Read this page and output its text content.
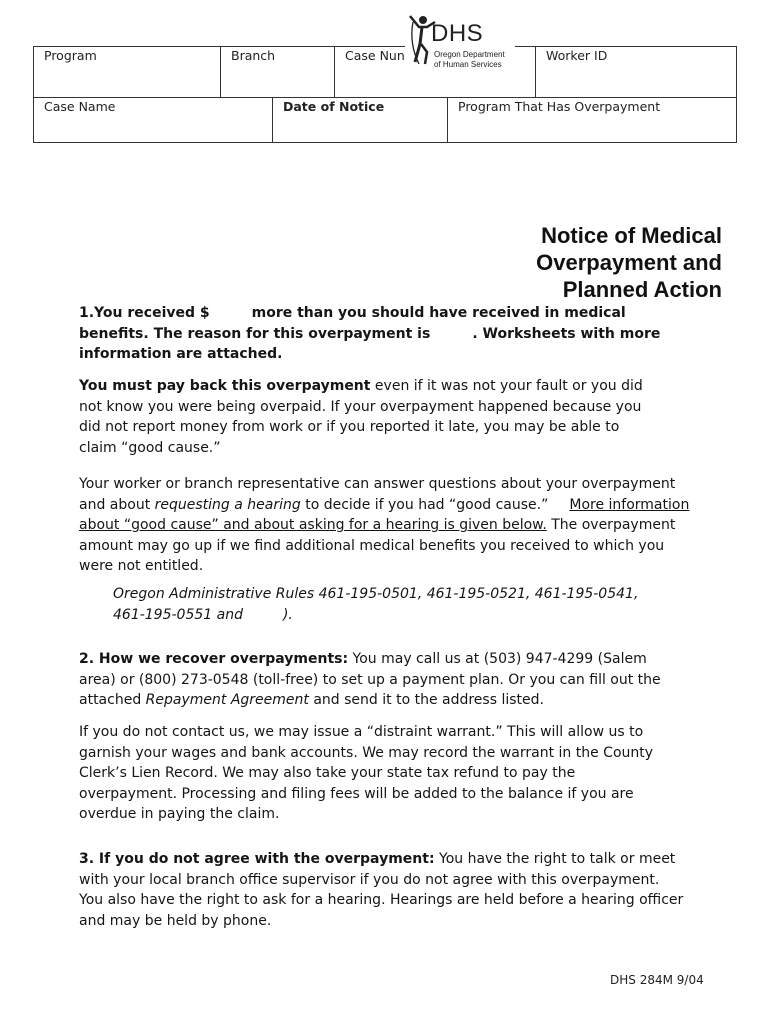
Program	Branch	Case Nun	Worker ID
Case Name	Date of Notice	Program That Has Overpayment
DHS
Oregon Department
of Human Services
Notice of Medical
Overpayment and
Planned Action
1.You received $	more than you should have received in medical
benefits. The reason for this overpayment is	. Worksheets with more
information are attached.
You must pay back this overpayment even if it was not your fault or you did
not know you were being overpaid. If your overpayment happened because you
did not report money from work or if you reported it late, you may be able to
claim “good cause.”
Your worker or branch representative can answer questions about your overpayment
and about requesting a hearing to decide if you had “good cause.” More information
about “good cause” and about asking for a hearing is given below. The overpayment
amount may go up if we find additional medical benefits you received to which you
were not entitled.
Oregon Administrative Rules 461-195-0501, 461-195-0521, 461-195-0541,
461-195-0551 and	).
2. How we recover overpayments: You may call us at (503) 947-4299 (Salem
area) or (800) 273-0548 (toll-free) to set up a payment plan. Or you can fill out the
attached Repayment Agreement and send it to the address listed.
If you do not contact us, we may issue a “distraint warrant.” This will allow us to
garnish your wages and bank accounts. We may record the warrant in the County
Clerk’s Lien Record. We may also take your state tax refund to pay the
overpayment. Processing and filing fees will be added to the balance if you are
overdue in paying the claim.
3. If you do not agree with the overpayment: You have the right to talk or meet
with your local branch office supervisor if you do not agree with this overpayment.
You also have the right to ask for a hearing. Hearings are held before a hearing officer
and may be held by phone.
DHS 284M 9/04
